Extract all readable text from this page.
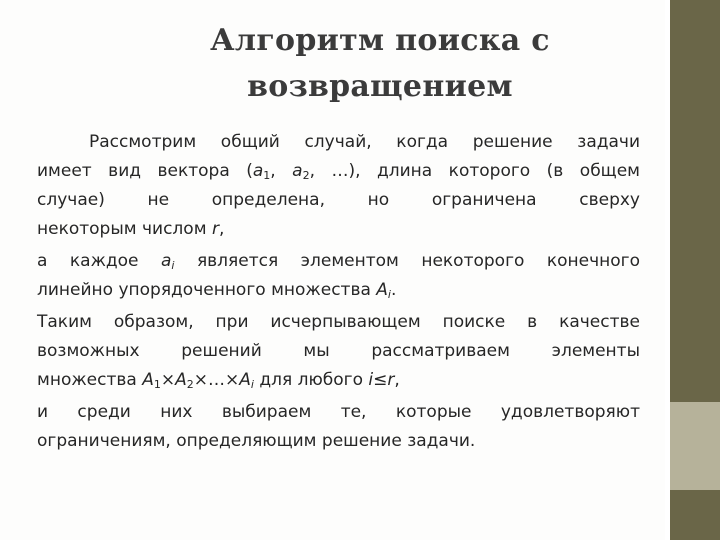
Алгоритм поиска с
возвращением
Рассмотрим общий случай, когда решение задачи
имеет вид вектора ($a_1$, $a_2$, …), длина которого (в общем
случае) не определена, но ограничена сверху
некоторым числом r,
а каждое $a_i$ является элементом некоторого конечного
линейно упорядоченного множества $A_i$.
Таким образом, при исчерпывающем поиске в качестве
возможных решений мы рассматриваем элементы
множества $A_1\times A_2\times\dots\times A_i$ для любого i≤r,
и среди них выбираем те, которые удовлетворяют
ограничениям, определяющим решение задачи.
